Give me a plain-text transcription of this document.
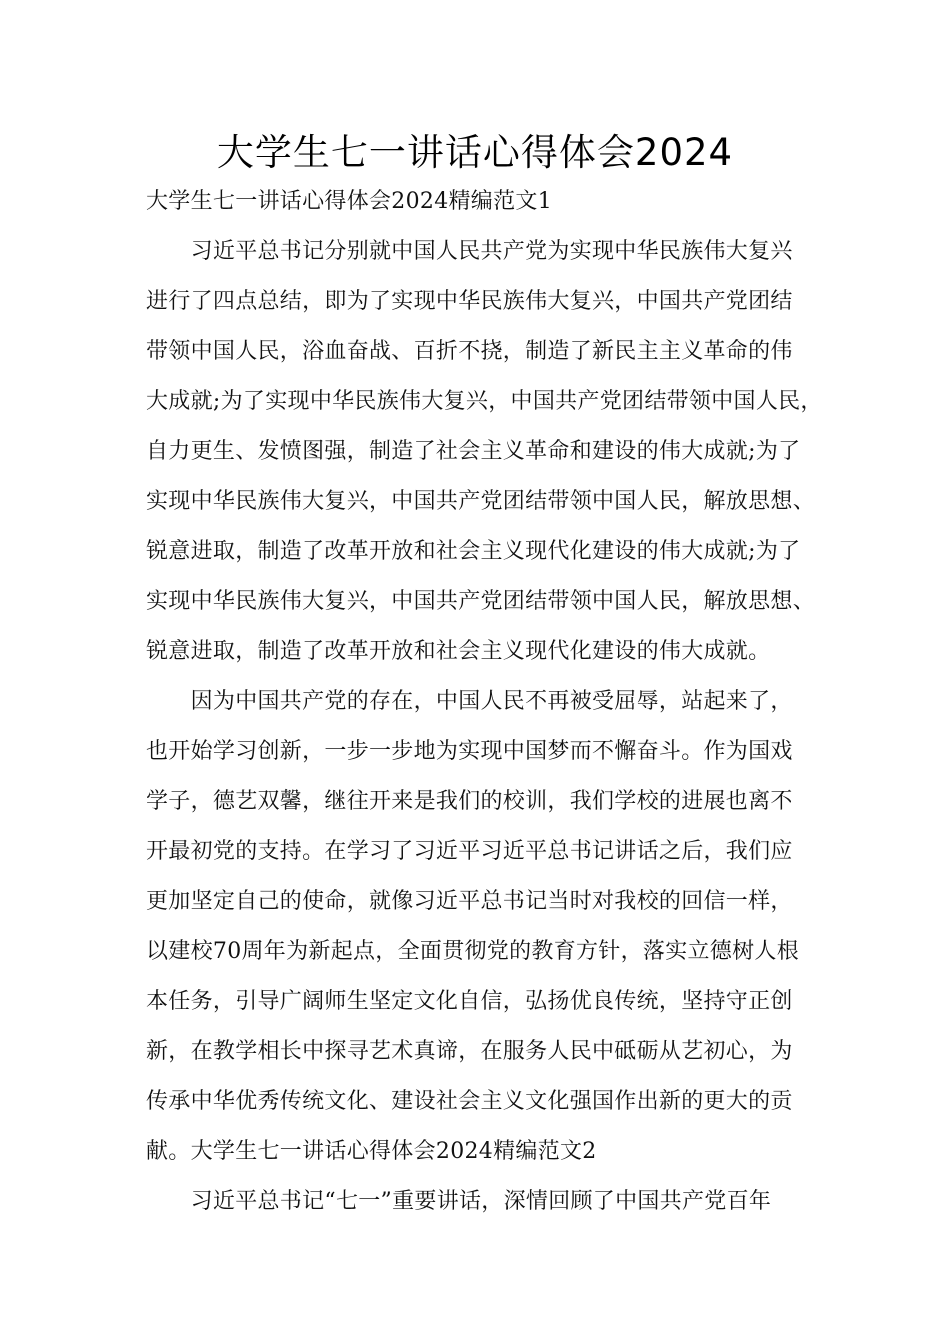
大学生七一讲话心得体会2024
大学生七一讲话心得体会2024精编范文1
　　习近平总书记分别就中国人民共产党为实现中华民族伟大复兴
进行了四点总结，即为了实现中华民族伟大复兴，中国共产党团结
带领中国人民，浴血奋战、百折不挠，制造了新民主主义革命的伟
大成就;为了实现中华民族伟大复兴，中国共产党团结带领中国人民，
自力更生、发愤图强，制造了社会主义革命和建设的伟大成就;为了
实现中华民族伟大复兴，中国共产党团结带领中国人民，解放思想、
锐意进取，制造了改革开放和社会主义现代化建设的伟大成就;为了
实现中华民族伟大复兴，中国共产党团结带领中国人民，解放思想、
锐意进取，制造了改革开放和社会主义现代化建设的伟大成就。
　　因为中国共产党的存在，中国人民不再被受屈辱，站起来了，
也开始学习创新，一步一步地为实现中国梦而不懈奋斗。作为国戏
学子，德艺双馨，继往开来是我们的校训，我们学校的进展也离不
开最初党的支持。在学习了习近平习近平总书记讲话之后，我们应
更加坚定自己的使命，就像习近平总书记当时对我校的回信一样，
以建校70周年为新起点，全面贯彻党的教育方针，落实立德树人根
本任务，引导广阔师生坚定文化自信，弘扬优良传统，坚持守正创
新，在教学相长中探寻艺术真谛，在服务人民中砥砺从艺初心，为
传承中华优秀传统文化、建设社会主义文化强国作出新的更大的贡
献。大学生七一讲话心得体会2024精编范文2
　　习近平总书记“七一”重要讲话，深情回顾了中国共产党百年
